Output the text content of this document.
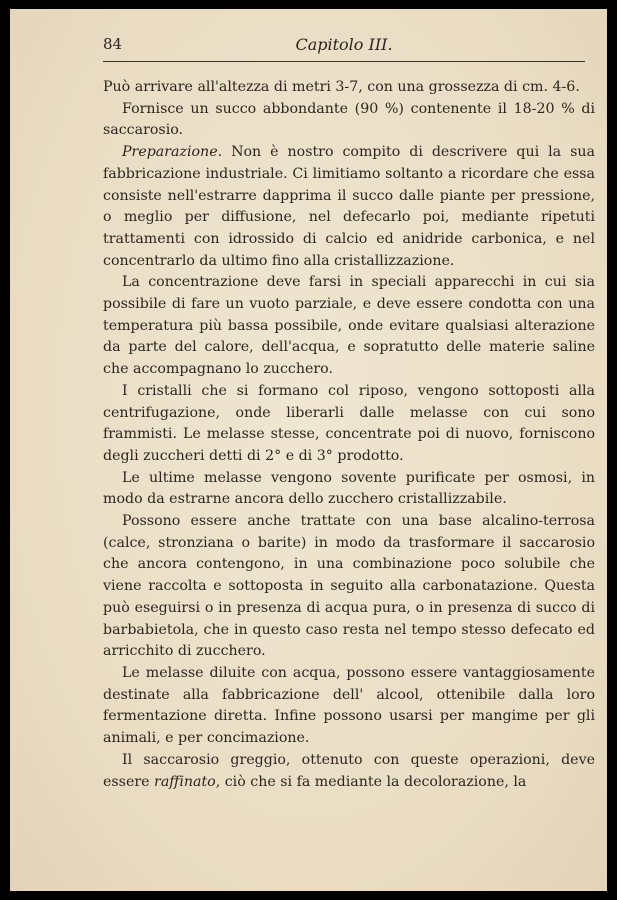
84	Capitolo III.

Può arrivare all'altezza di metri 3-7, con una grossezza di cm. 4-6.

Fornisce un succo abbondante (90 %) contenente il 18-20 % di saccarosio.

Preparazione. Non è nostro compito di descrivere qui la sua fabbricazione industriale. Ci limitiamo soltanto a ricordare che essa consiste nell'estrarre dapprima il succo dalle piante per pressione, o meglio per diffusione, nel defecarlo poi, mediante ripetuti trattamenti con idrossido di calcio ed anidride carbonica, e nel concentrarlo da ultimo fino alla cristallizzazione.

La concentrazione deve farsi in speciali apparecchi in cui sia possibile di fare un vuoto parziale, e deve essere condotta con una temperatura più bassa possibile, onde evitare qualsiasi alterazione da parte del calore, dell'acqua, e sopratutto delle materie saline che accompagnano lo zucchero.

I cristalli che si formano col riposo, vengono sottoposti alla centrifugazione, onde liberarli dalle melasse con cui sono frammisti. Le melasse stesse, concentrate poi di nuovo, forniscono degli zuccheri detti di 2° e di 3° prodotto.

Le ultime melasse vengono sovente purificate per osmosi, in modo da estrarne ancora dello zucchero cristallizzabile.

Possono essere anche trattate con una base alcalino-terrosa (calce, stronziana o barite) in modo da trasformare il saccarosio che ancora contengono, in una combinazione poco solubile che viene raccolta e sottoposta in seguito alla carbonatazione. Questa può eseguirsi o in presenza di acqua pura, o in presenza di succo di barbabietola, che in questo caso resta nel tempo stesso defecato ed arricchito di zucchero.

Le melasse diluite con acqua, possono essere vantaggiosamente destinate alla fabbricazione dell' alcool, ottenibile dalla loro fermentazione diretta. Infine possono usarsi per mangime per gli animali, e per concimazione.

Il saccarosio greggio, ottenuto con queste operazioni, deve essere raffinato, ciò che si fa mediante la decolorazione, la
